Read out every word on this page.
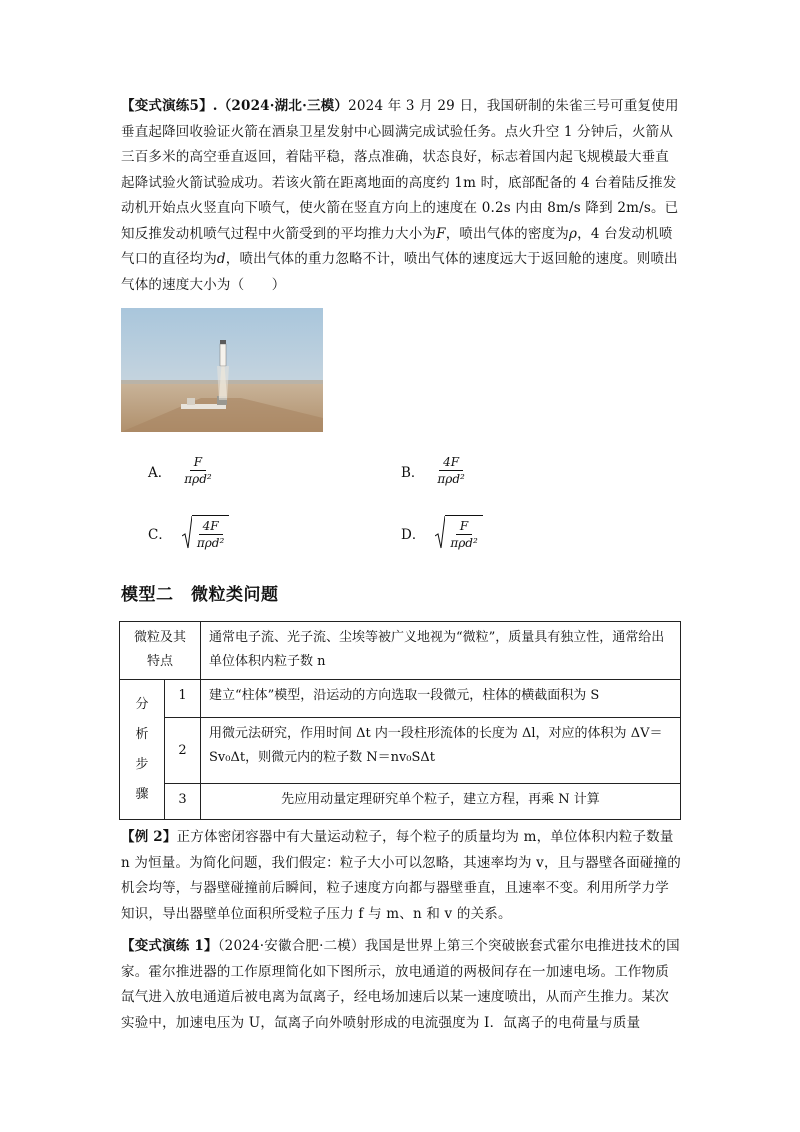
【变式演练5】.（2024·湖北·三模）2024 年 3 月 29 日，我国研制的朱雀三号可重复使用垂直起降回收验证火箭在酒泉卫星发射中心圆满完成试验任务。点火升空 1 分钟后，火箭从三百多米的高空垂直返回，着陆平稳，落点准确，状态良好，标志着国内起飞规模最大垂直起降试验火箭试验成功。若该火箭在距离地面的高度约 1m 时，底部配备的 4 台着陆反推发动机开始点火竖直向下喷气，使火箭在竖直方向上的速度在 0.2s 内由 8m/s 降到 2m/s。已知反推发动机喷气过程中火箭受到的平均推力大小为F，喷出气体的密度为ρ，4 台发动机喷气口的直径均为d，喷出气体的重力忽略不计，喷出气体的速度远大于返回舱的速度。则喷出气体的速度大小为（　　）
A． $\frac{F}{\text{πρd²}}$	B． $\frac{4F}{\text{πρd²}}$
C． $\frac{4F}{\text{πρd²}}$	D． $\frac{F}{\text{πρd²}}$
模型二　微粒类问题
微粒及其特点		通常电子流、光子流、尘埃等被广义地视为“微粒”，质量具有独立性，通常给出单位体积内粒子数 n
分析步骤	1	建立“柱体”模型，沿运动的方向选取一段微元，柱体的横截面积为 S
	2	用微元法研究，作用时间 Δt 内一段柱形流体的长度为 Δl，对应的体积为 ΔV＝Sv₀Δt，则微元内的粒子数 N＝nv₀SΔt
	3	先应用动量定理研究单个粒子，建立方程，再乘 N 计算
【例 2】正方体密闭容器中有大量运动粒子，每个粒子的质量均为 m，单位体积内粒子数量 n 为恒量。为简化问题，我们假定：粒子大小可以忽略，其速率均为 v，且与器壁各面碰撞的机会均等，与器壁碰撞前后瞬间，粒子速度方向都与器壁垂直，且速率不变。利用所学力学知识，导出器壁单位面积所受粒子压力 f 与 m、n 和 v 的关系。
【变式演练 1】（2024·安徽合肥·二模）我国是世界上第三个突破嵌套式霍尔电推进技术的国家。霍尔推进器的工作原理简化如下图所示，放电通道的两极间存在一加速电场。工作物质氙气进入放电通道后被电离为氙离子，经电场加速后以某一速度喷出，从而产生推力。某次实验中，加速电压为 U，氙离子向外喷射形成的电流强度为 I．氙离子的电荷量与质量
